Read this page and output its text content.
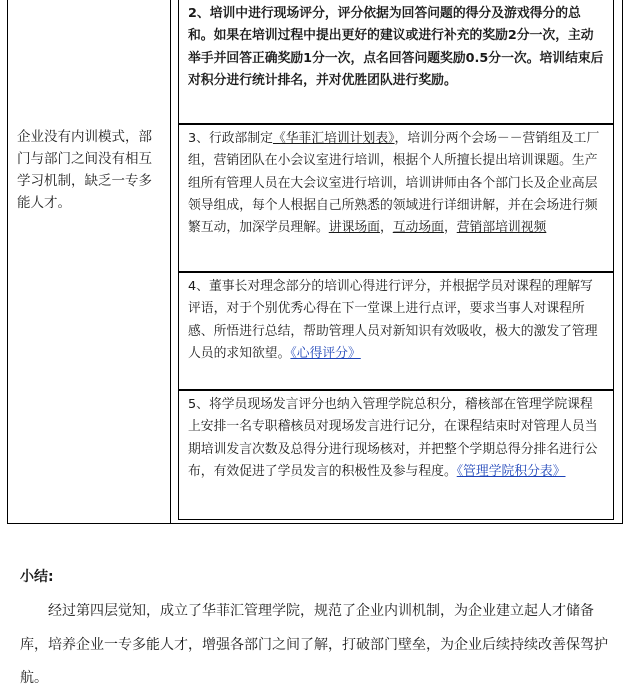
企业没有内训模式，部门与部门之间没有相互学习机制，缺乏一专多能人才。
2、培训中进行现场评分，评分依据为回答问题的得分及游戏得分的总和。如果在培训过程中提出更好的建议或进行补充的奖励2分一次，主动举手并回答正确奖励1分一次，点名回答问题奖励0.5分一次。培训结束后对积分进行统计排名，并对优胜团队进行奖励。
3、行政部制定《华菲汇培训计划表》，培训分两个会场－－营销组及工厂组，营销团队在小会议室进行培训，根据个人所擅长提出培训课题。生产组所有管理人员在大会议室进行培训，培训讲师由各个部门长及企业高层领导组成，每个人根据自己所熟悉的领域进行详细讲解，并在会场进行频繁互动，加深学员理解。讲课场面，互动场面，营销部培训视频
4、董事长对理念部分的培训心得进行评分，并根据学员对课程的理解写评语，对于个别优秀心得在下一堂课上进行点评，要求当事人对课程所感、所悟进行总结，帮助管理人员对新知识有效吸收，极大的激发了管理人员的求知欲望。《心得评分》
5、将学员现场发言评分也纳入管理学院总积分，稽核部在管理学院课程上安排一名专职稽核员对现场发言进行记分，在课程结束时对管理人员当期培训发言次数及总得分进行现场核对，并把整个学期总得分排名进行公布，有效促进了学员发言的积极性及参与程度。《管理学院积分表》
小结:
经过第四层觉知，成立了华菲汇管理学院，规范了企业内训机制，为企业建立起人才储备库，培养企业一专多能人才，增强各部门之间了解，打破部门壁垒，为企业后续持续改善保驾护航。
